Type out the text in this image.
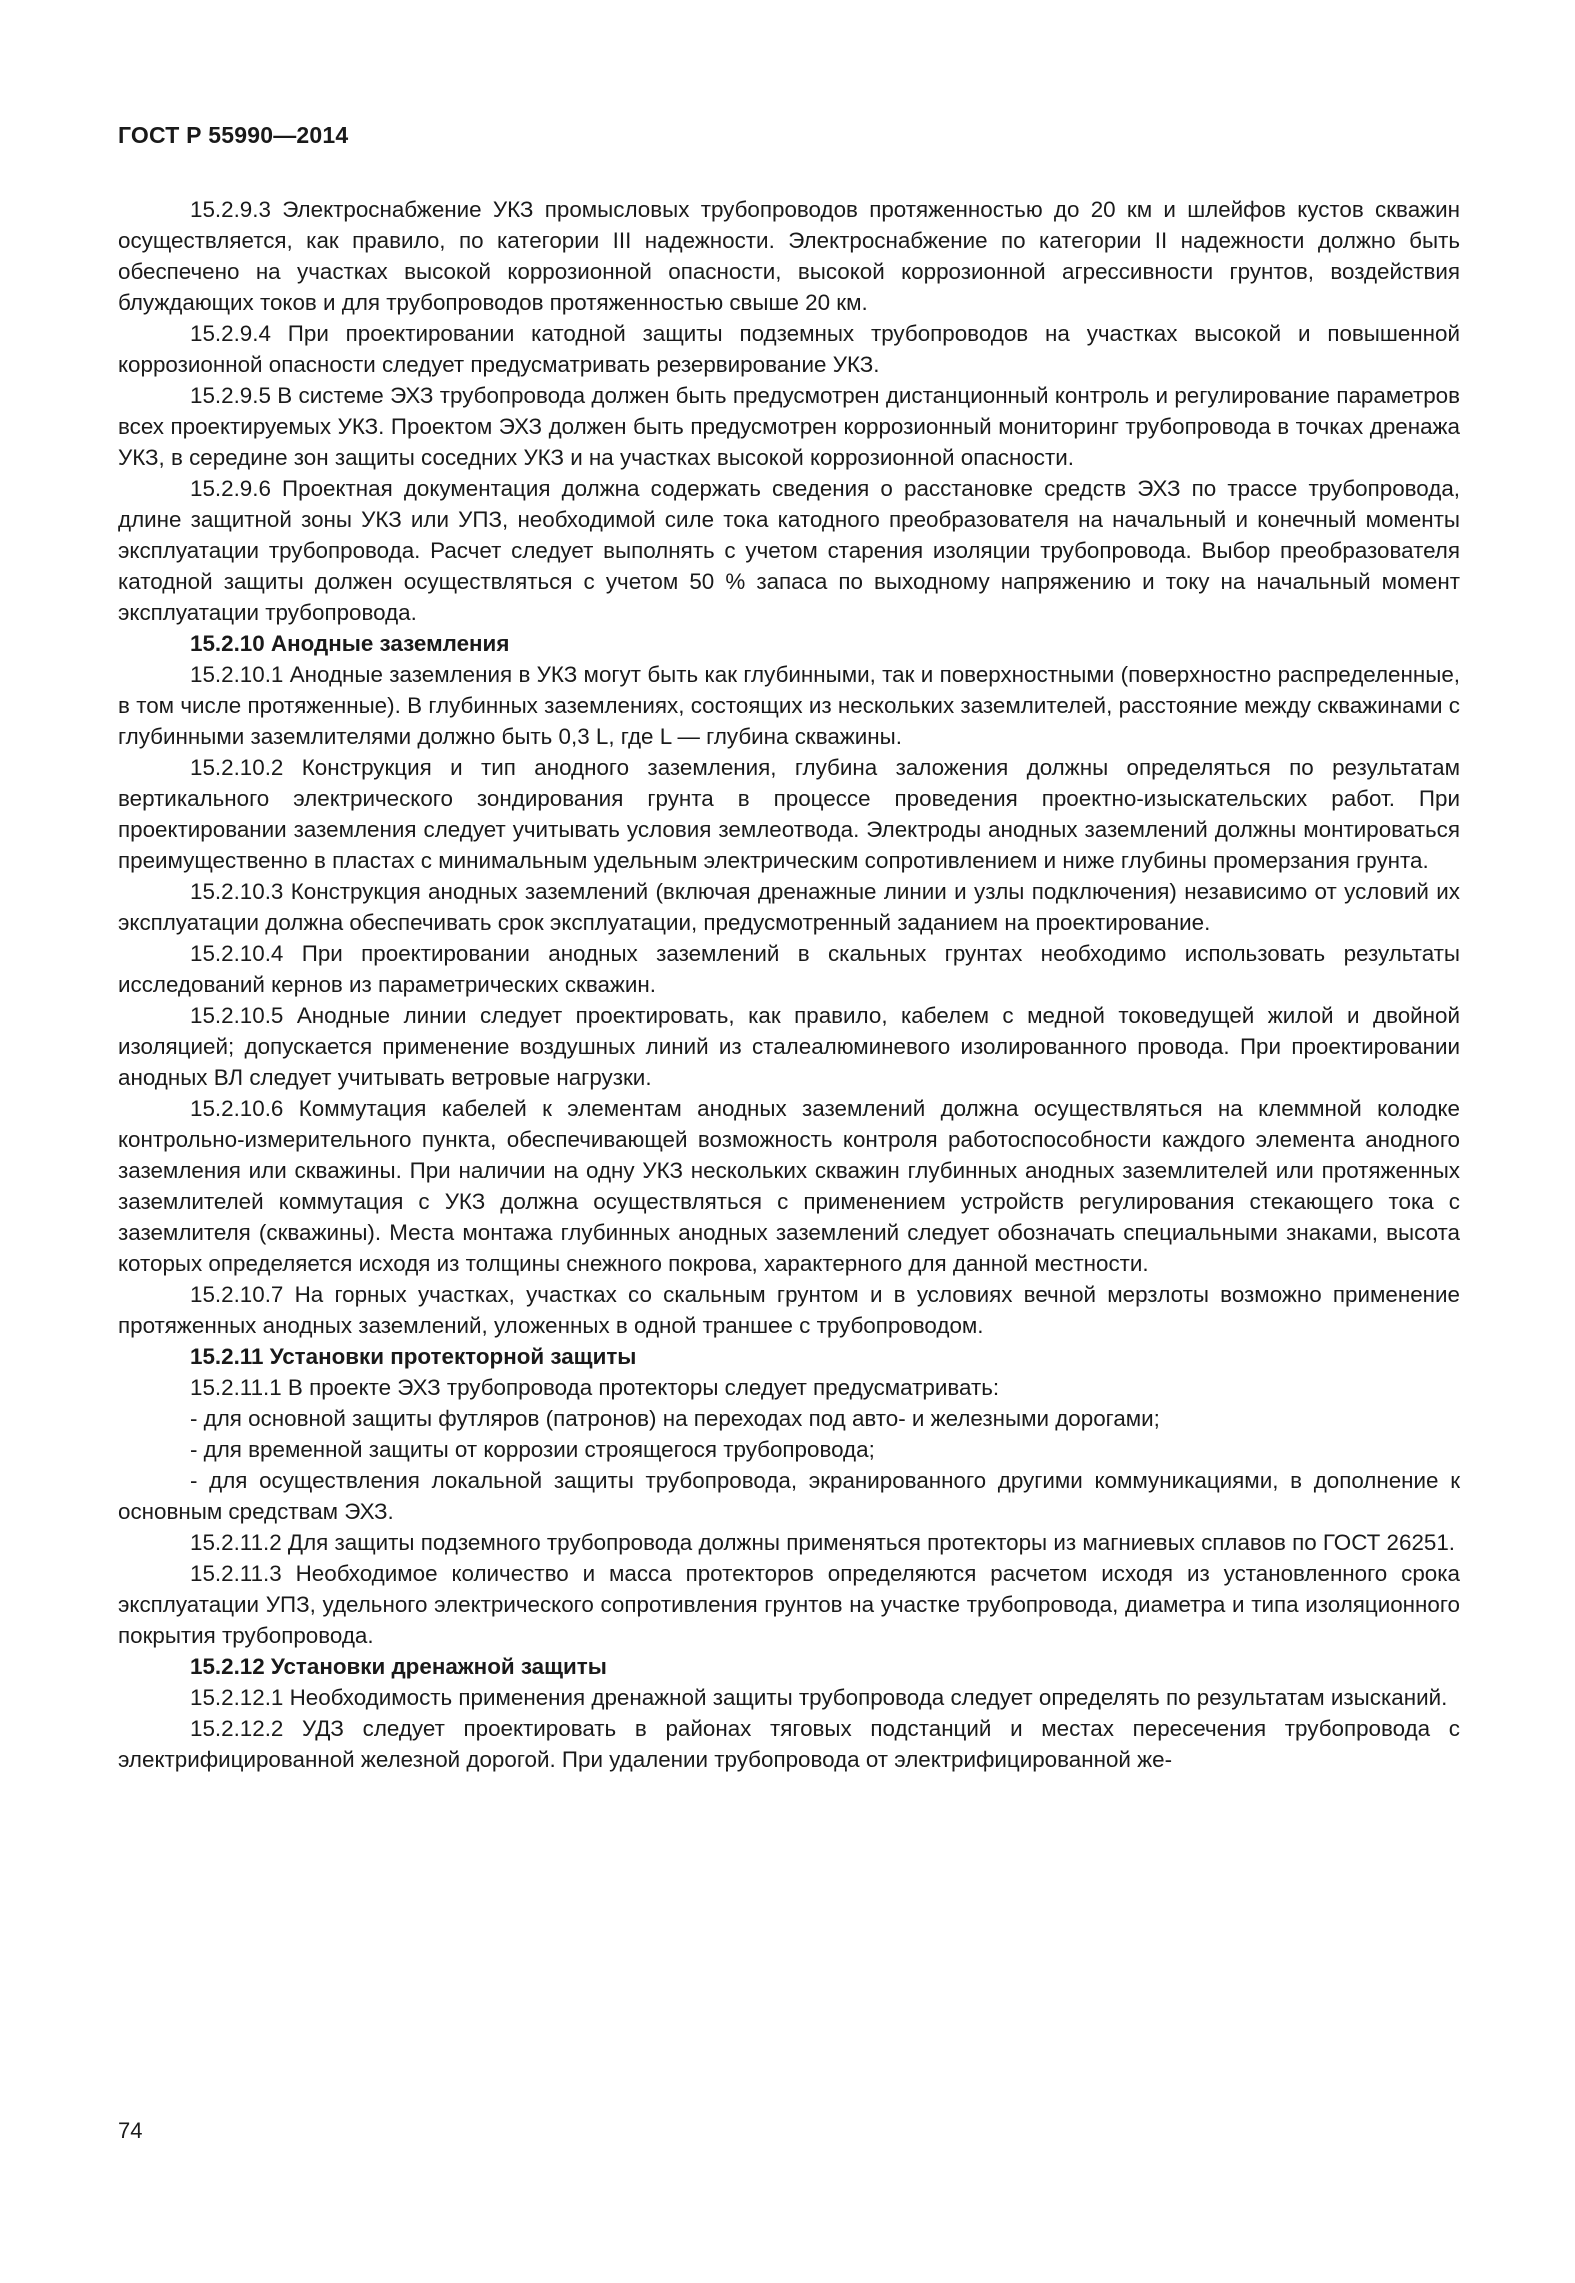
ГОСТ Р 55990—2014

15.2.9.3 Электроснабжение УКЗ промысловых трубопроводов протяженностью до 20 км и шлейфов кустов скважин осуществляется, как правило, по категории III надежности. Электроснабжение по категории II надежности должно быть обеспечено на участках высокой коррозионной опасности, высокой коррозионной агрессивности грунтов, воздействия блуждающих токов и для трубопроводов протяженностью свыше 20 км.

15.2.9.4 При проектировании катодной защиты подземных трубопроводов на участках высокой и повышенной коррозионной опасности следует предусматривать резервирование УКЗ.

15.2.9.5 В системе ЭХЗ трубопровода должен быть предусмотрен дистанционный контроль и регулирование параметров всех проектируемых УКЗ. Проектом ЭХЗ должен быть предусмотрен коррозионный мониторинг трубопровода в точках дренажа УКЗ, в середине зон защиты соседних УКЗ и на участках высокой коррозионной опасности.

15.2.9.6 Проектная документация должна содержать сведения о расстановке средств ЭХЗ по трассе трубопровода, длине защитной зоны УКЗ или УПЗ, необходимой силе тока катодного преобразователя на начальный и конечный моменты эксплуатации трубопровода. Расчет следует выполнять с учетом старения изоляции трубопровода. Выбор преобразователя катодной защиты должен осуществляться с учетом 50 % запаса по выходному напряжению и току на начальный момент эксплуатации трубопровода.

15.2.10 Анодные заземления

15.2.10.1 Анодные заземления в УКЗ могут быть как глубинными, так и поверхностными (поверхностно распределенные, в том числе протяженные). В глубинных заземлениях, состоящих из нескольких заземлителей, расстояние между скважинами с глубинными заземлителями должно быть 0,3 L, где L — глубина скважины.

15.2.10.2 Конструкция и тип анодного заземления, глубина заложения должны определяться по результатам вертикального электрического зондирования грунта в процессе проведения проектно-изыскательских работ. При проектировании заземления следует учитывать условия землеотвода. Электроды анодных заземлений должны монтироваться преимущественно в пластах с минимальным удельным электрическим сопротивлением и ниже глубины промерзания грунта.

15.2.10.3 Конструкция анодных заземлений (включая дренажные линии и узлы подключения) независимо от условий их эксплуатации должна обеспечивать срок эксплуатации, предусмотренный заданием на проектирование.

15.2.10.4 При проектировании анодных заземлений в скальных грунтах необходимо использовать результаты исследований кернов из параметрических скважин.

15.2.10.5 Анодные линии следует проектировать, как правило, кабелем с медной токоведущей жилой и двойной изоляцией; допускается применение воздушных линий из сталеалюминевого изолированного провода. При проектировании анодных ВЛ следует учитывать ветровые нагрузки.

15.2.10.6 Коммутация кабелей к элементам анодных заземлений должна осуществляться на клеммной колодке контрольно-измерительного пункта, обеспечивающей возможность контроля работоспособности каждого элемента анодного заземления или скважины. При наличии на одну УКЗ нескольких скважин глубинных анодных заземлителей или протяженных заземлителей коммутация с УКЗ должна осуществляться с применением устройств регулирования стекающего тока с заземлителя (скважины). Места монтажа глубинных анодных заземлений следует обозначать специальными знаками, высота которых определяется исходя из толщины снежного покрова, характерного для данной местности.

15.2.10.7 На горных участках, участках со скальным грунтом и в условиях вечной мерзлоты возможно применение протяженных анодных заземлений, уложенных в одной траншее с трубопроводом.

15.2.11 Установки протекторной защиты

15.2.11.1 В проекте ЭХЗ трубопровода протекторы следует предусматривать:

- для основной защиты футляров (патронов) на переходах под авто- и железными дорогами;

- для временной защиты от коррозии строящегося трубопровода;

- для осуществления локальной защиты трубопровода, экранированного другими коммуникациями, в дополнение к основным средствам ЭХЗ.

15.2.11.2 Для защиты подземного трубопровода должны применяться протекторы из магниевых сплавов по ГОСТ 26251.

15.2.11.3 Необходимое количество и масса протекторов определяются расчетом исходя из установленного срока эксплуатации УПЗ, удельного электрического сопротивления грунтов на участке трубопровода, диаметра и типа изоляционного покрытия трубопровода.

15.2.12 Установки дренажной защиты

15.2.12.1 Необходимость применения дренажной защиты трубопровода следует определять по результатам изысканий.

15.2.12.2 УДЗ следует проектировать в районах тяговых подстанций и местах пересечения трубопровода с электрифицированной железной дорогой. При удалении трубопровода от электрифицированной же-

74
